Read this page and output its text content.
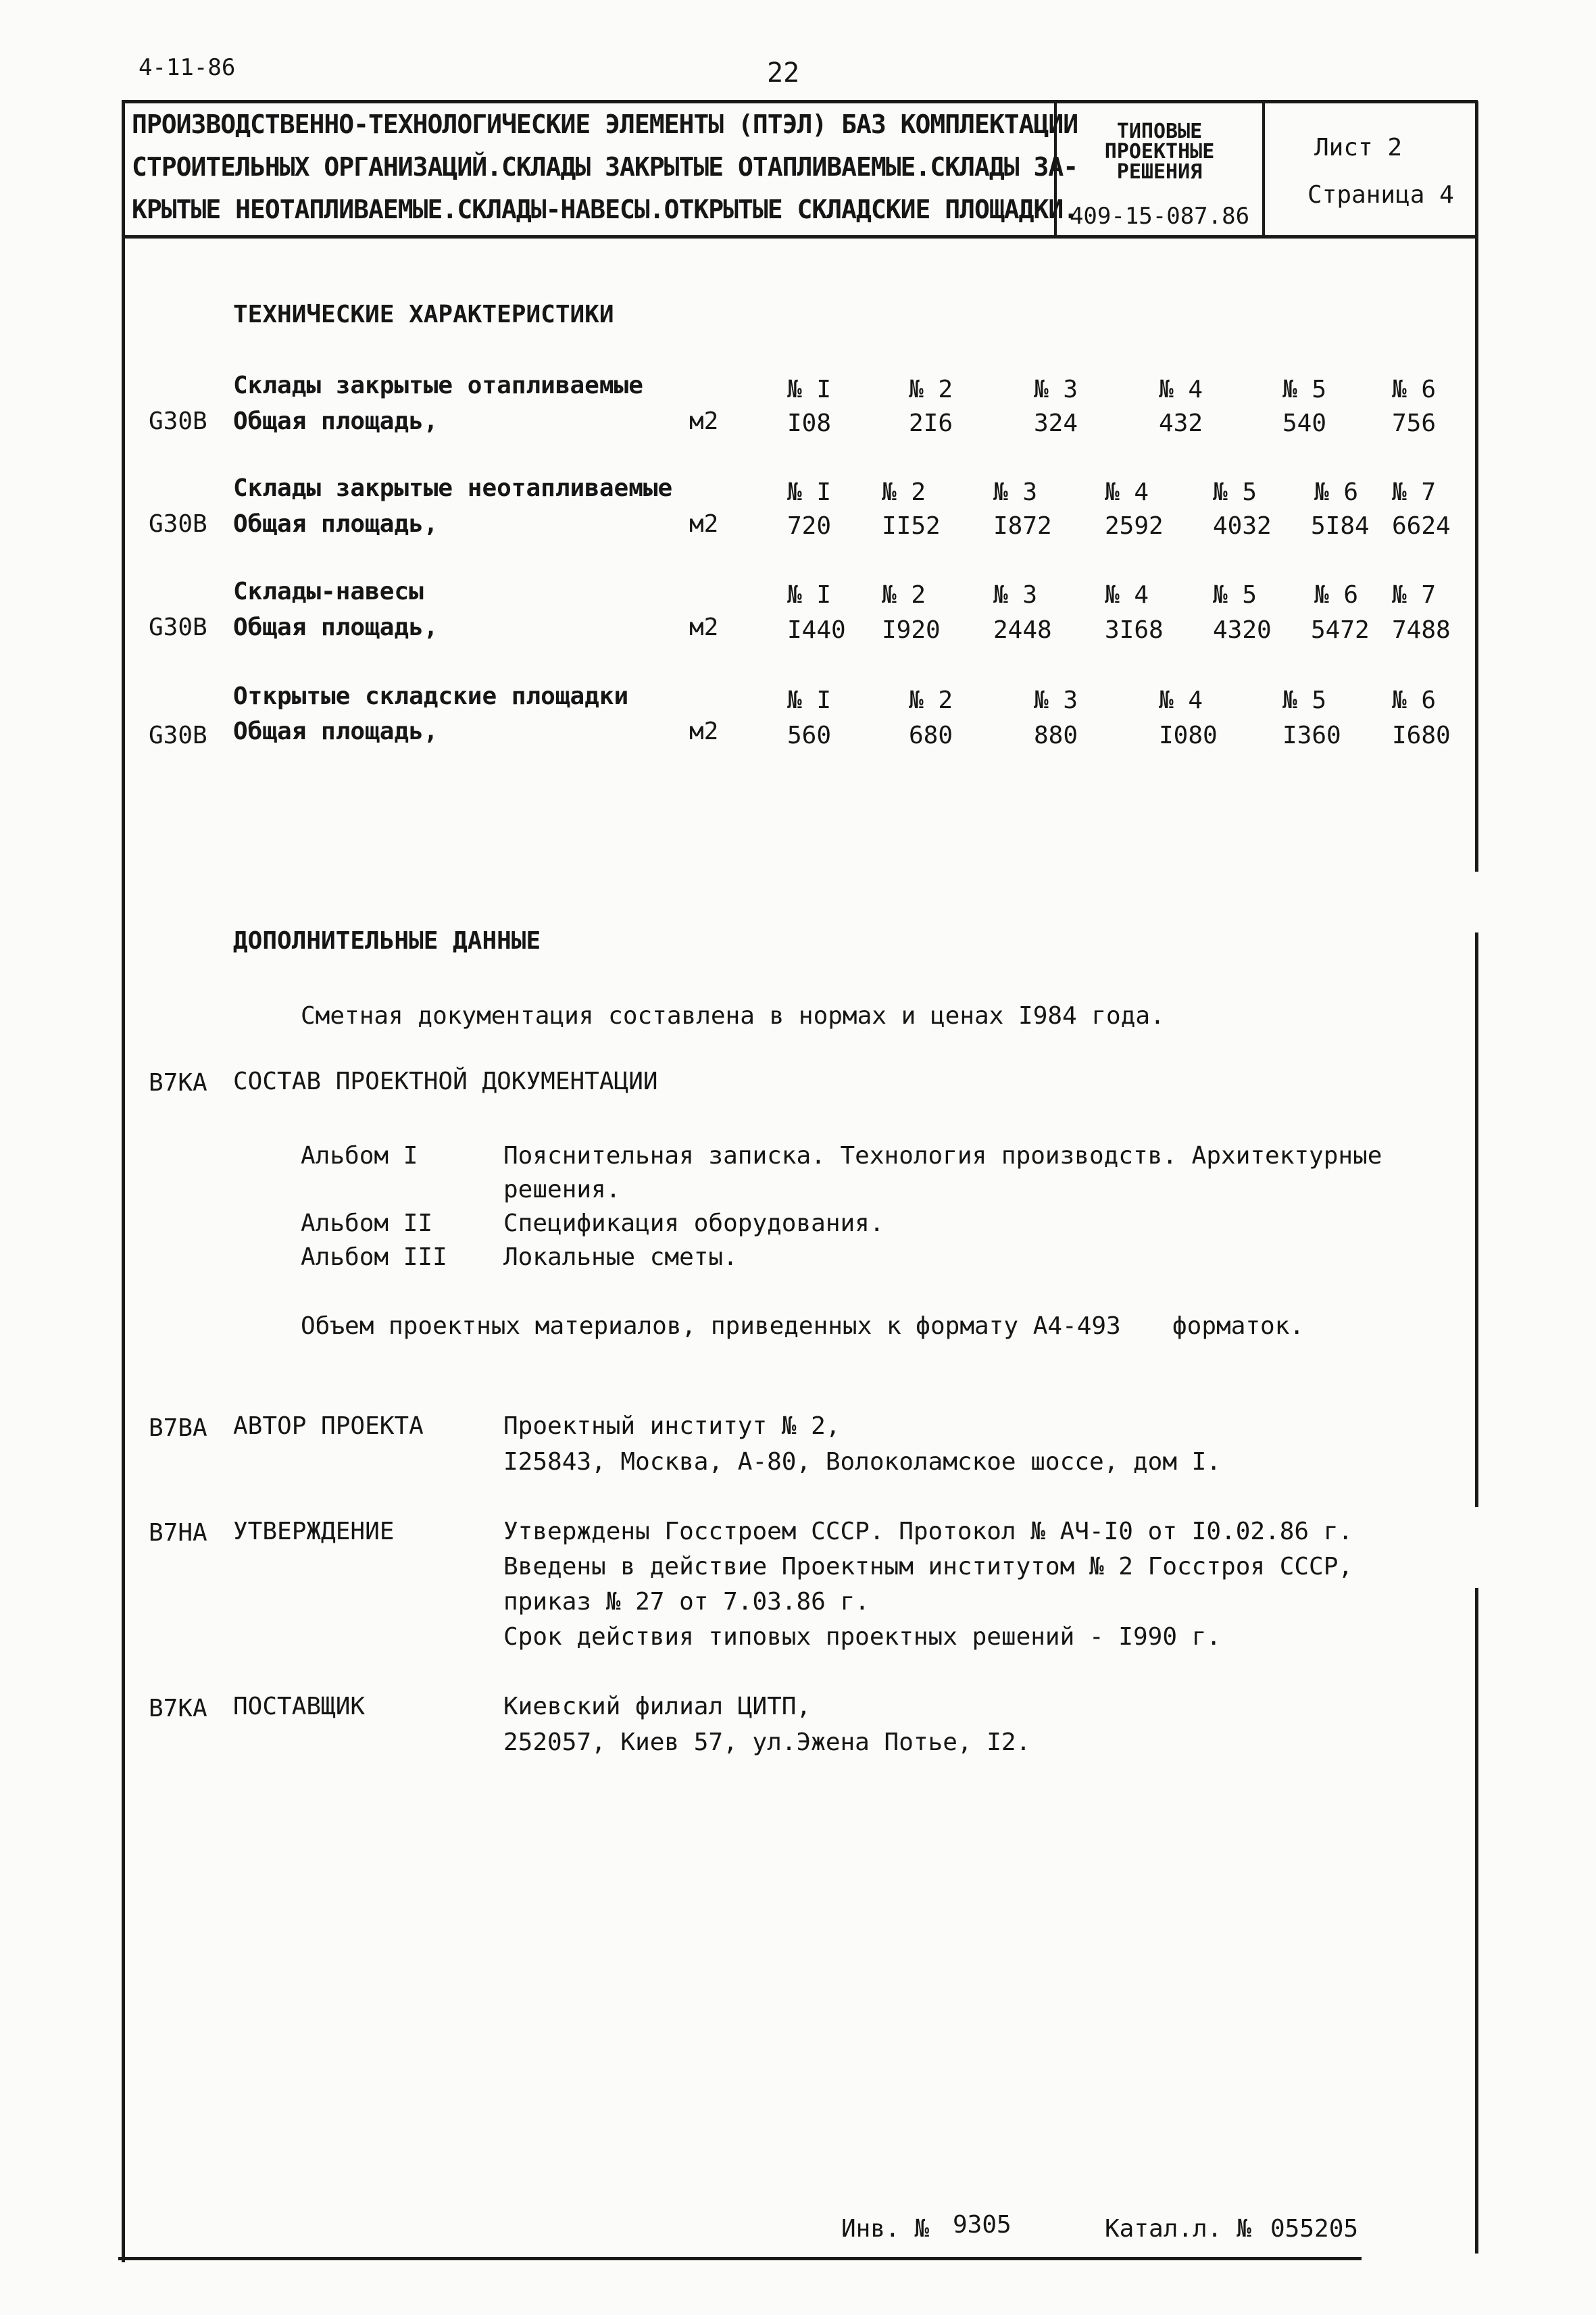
4-11-86	22
ПРОИЗВОДСТВЕННО-ТЕХНОЛОГИЧЕСКИЕ ЭЛЕМЕНТЫ (ПТЭЛ) БАЗ КОМПЛЕКТАЦИИ
СТРОИТЕЛЬНЫХ ОРГАНИЗАЦИЙ.СКЛАДЫ ЗАКРЫТЫЕ ОТАПЛИВАЕМЫЕ.СКЛАДЫ ЗА-
КРЫТЫЕ НЕОТАПЛИВАЕМЫЕ.СКЛАДЫ-НАВЕСЫ.ОТКРЫТЫЕ СКЛАДСКИЕ ПЛОЩАДКИ.
ТИПОВЫЕ
ПРОЕКТНЫЕ
РЕШЕНИЯ
409-15-087.86
Лист 2
Страница 4
ТЕХНИЧЕСКИЕ ХАРАКТЕРИСТИКИ
Склады закрытые отапливаемые
G30B Общая площадь,	м2
№ I	№ 2	№ 3	№ 4	№ 5	№ 6
I08	2I6	324	432	540	756
Склады закрытые неотапливаемые
G30B Общая площадь,	м2
№ I № 2	№ 3	№ 4	№ 5 № 6 № 7
720 II52 I872 2592 4032 5I84 6624
Склады-навесы
G30B Общая площадь,	м2
№ I № 2	№ 3	№ 4	№ 5 № 6 № 7
I440 I920 2448 3I68 4320 5472 7488
Открытые складские площадки
G30B Общая площадь,	м2
№ I	№ 2	№ 3	№ 4	№ 5	№ 6
560	680	880	I080	I360 I680
ДОПОЛНИТЕЛЬНЫЕ ДАННЫЕ
Сметная документация составлена в нормах и ценах I984 года.
B7KA СОСТАВ ПРОЕКТНОЙ ДОКУМЕНТАЦИИ
Альбом I	Пояснительная записка. Технология производств. Архитектурные
решения.
Альбом II	Спецификация оборудования.
Альбом III Локальные сметы.
Объем проектных материалов, приведенных к формату А4-493 форматок.
B7BA АВТОР ПРОЕКТА	Проектный институт № 2,
I25843, Москва, А-80, Волоколамское шоссе, дом I.
B7HA УТВЕРЖДЕНИЕ	Утверждены Госстроем СССР. Протокол № АЧ-I0 от I0.02.86 г.
Введены в действие Проектным институтом № 2 Госстроя СССР,
приказ № 27 от 7.03.86 г.
Срок действия типовых проектных решений - I990 г.
B7KA ПОСТАВЩИК	Киевский филиал ЦИТП,
252057, Киев 57, ул.Эжена Потье, I2.
Инв. № 9305	Катал.л. № 055205
